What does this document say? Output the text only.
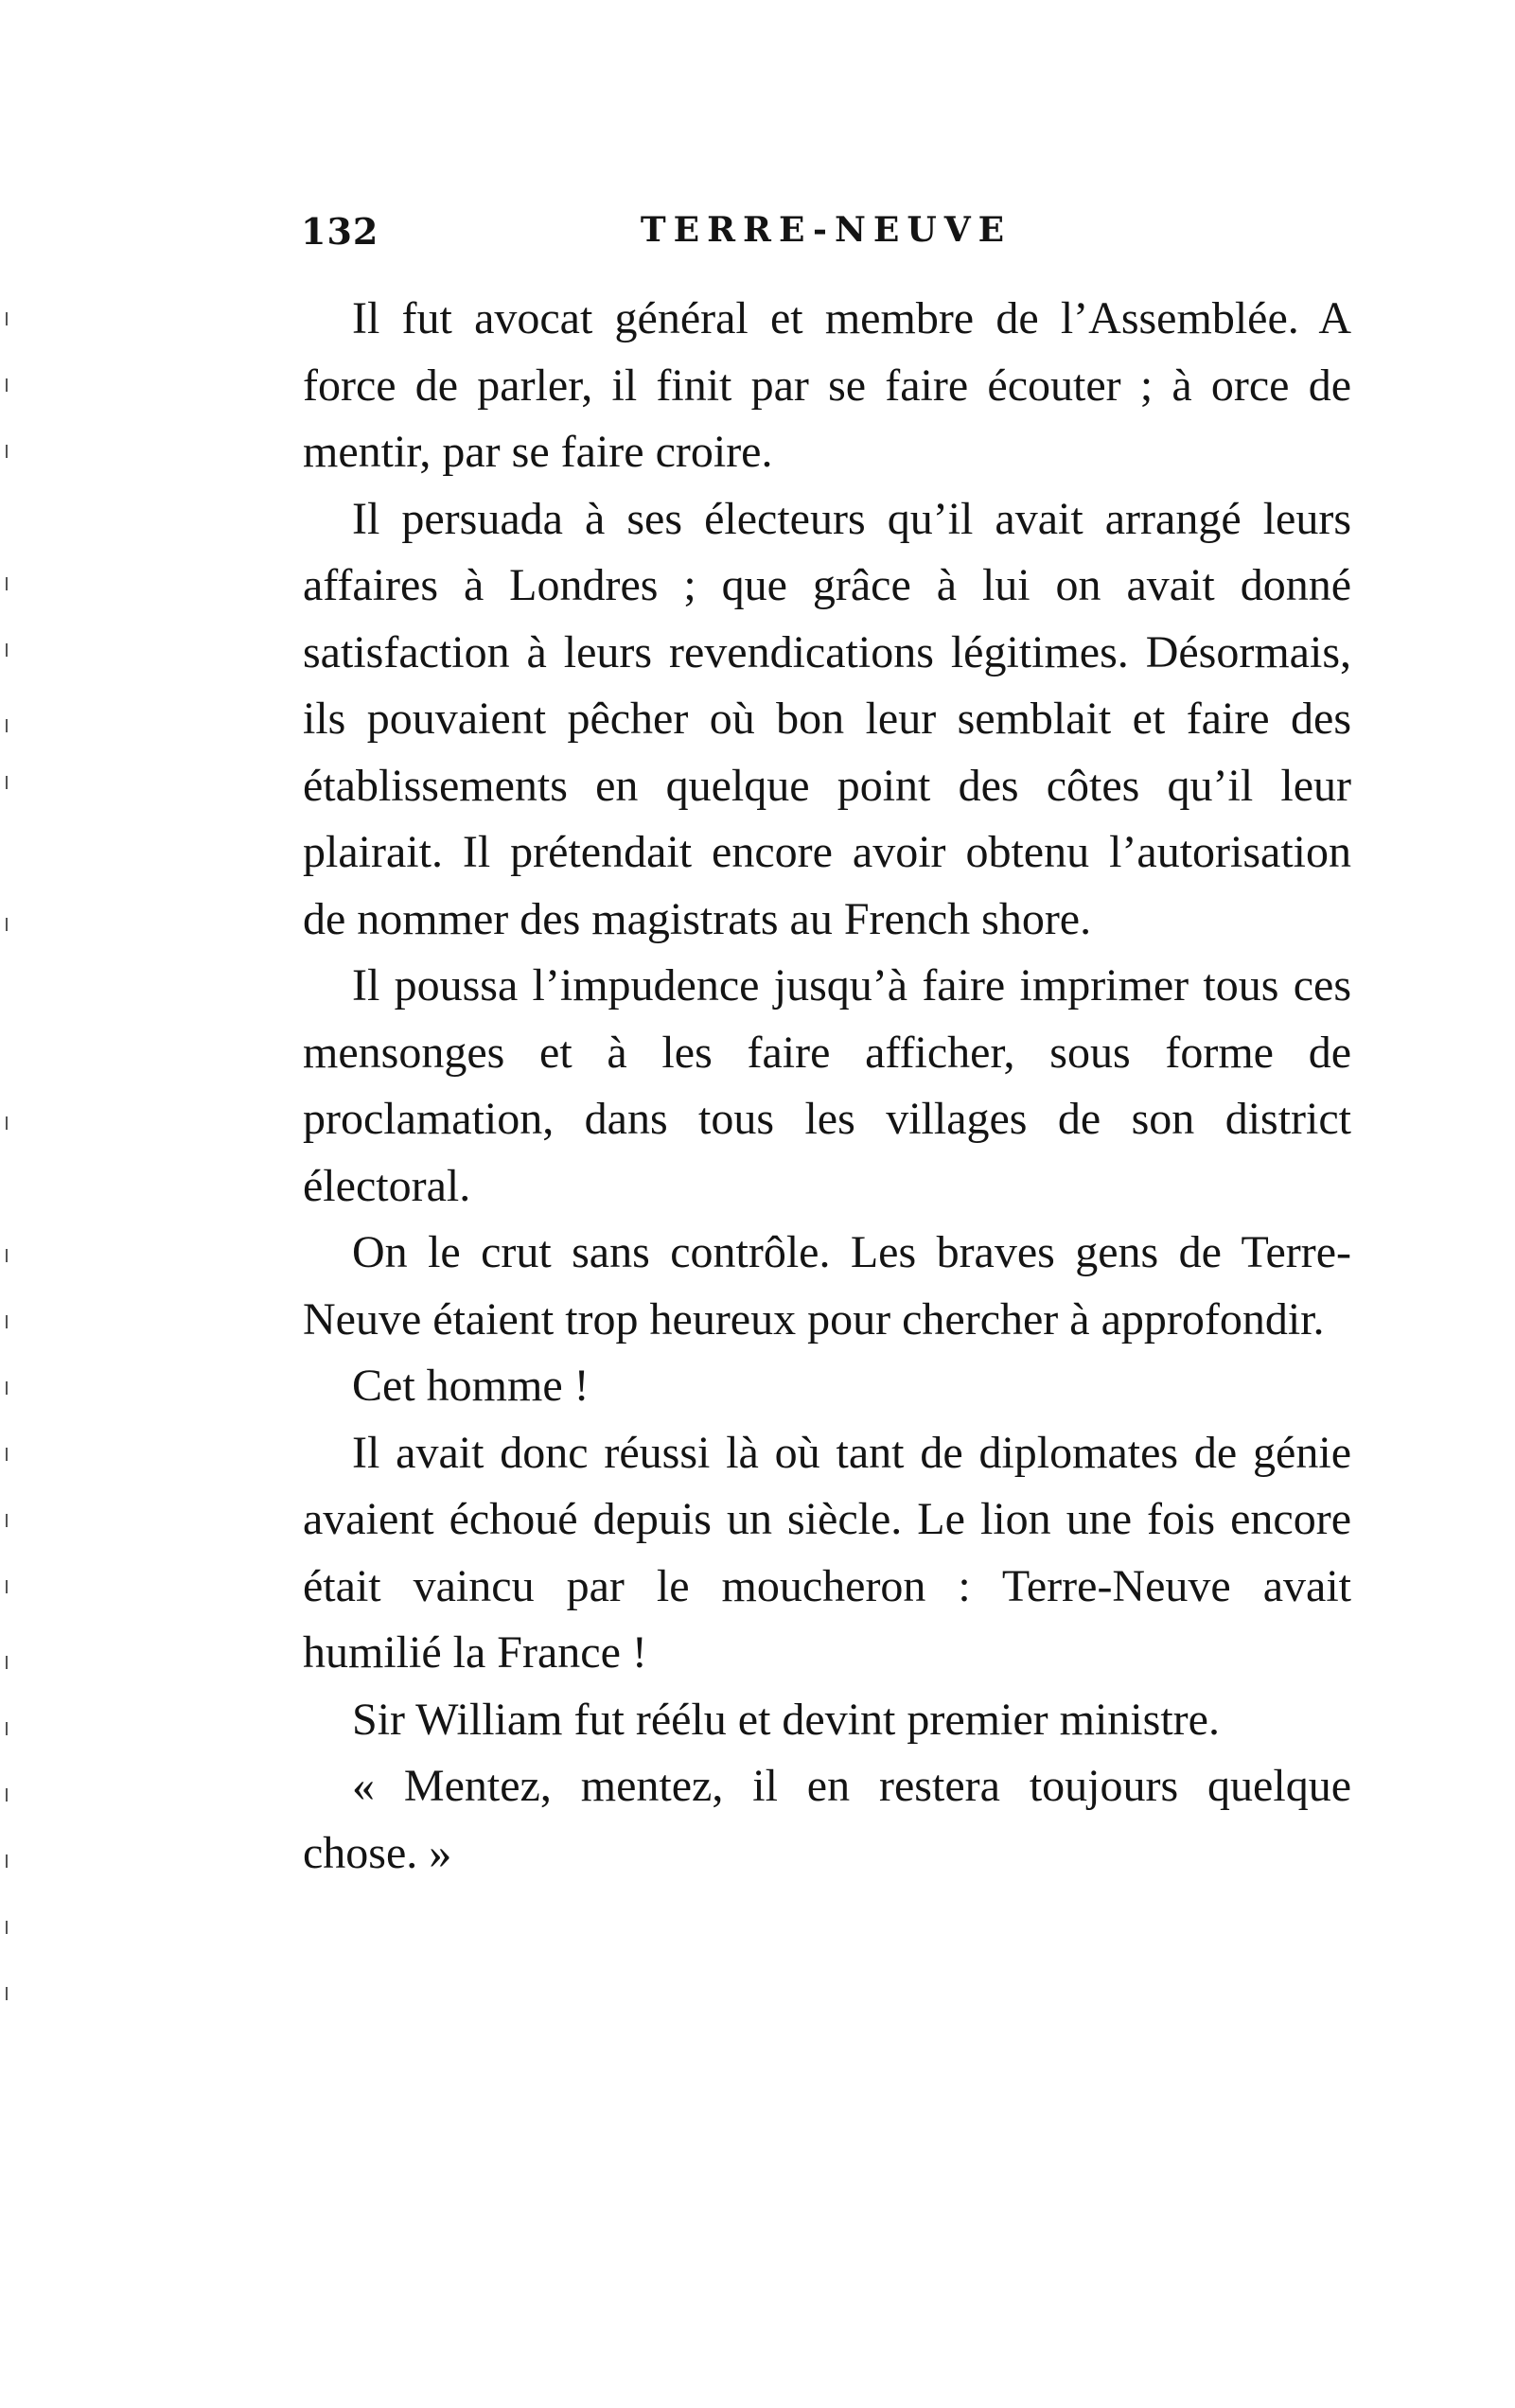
132	TERRE-NEUVE

Il fut avocat général et membre de l’Assemblée. A force de parler, il finit par se faire écouter ; à orce de mentir, par se faire croire.

Il persuada à ses électeurs qu’il avait arrangé leurs affaires à Londres ; que grâce à lui on avait donné satisfaction à leurs revendications légitimes. Désormais, ils pouvaient pêcher où bon leur semblait et faire des établissements en quelque point des côtes qu’il leur plairait. Il prétendait encore avoir obtenu l’autorisation de nommer des magistrats au French shore.

Il poussa l’impudence jusqu’à faire imprimer tous ces mensonges et à les faire afficher, sous forme de proclamation, dans tous les villages de son district électoral.

On le crut sans contrôle. Les braves gens de Terre-Neuve étaient trop heureux pour chercher à approfondir.

Cet homme !

Il avait donc réussi là où tant de diplomates de génie avaient échoué depuis un siècle. Le lion une fois encore était vaincu par le moucheron : Terre-Neuve avait humilié la France !

Sir William fut réélu et devint premier ministre.

« Mentez, mentez, il en restera toujours quelque chose. »
